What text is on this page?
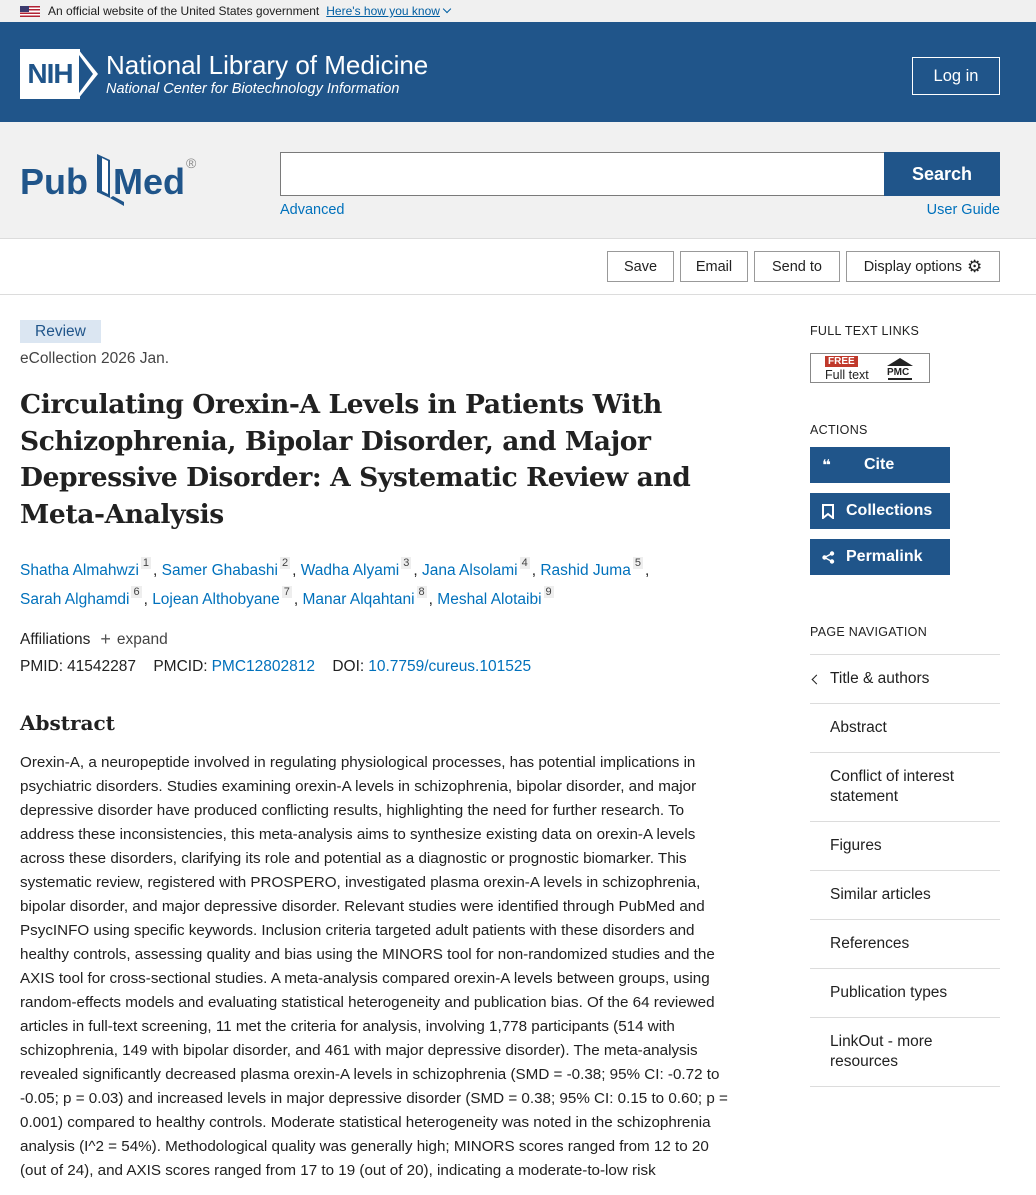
An official website of the United States government Here's how you know
NIH National Library of Medicine
National Center for Biotechnology Information
Log in
Pub Med ®
Search
Advanced	User Guide
Save	Email	Send to	Display options ⚙
Review
eCollection 2026 Jan.
Circulating Orexin-A Levels in Patients With Schizophrenia, Bipolar Disorder, and Major Depressive Disorder: A Systematic Review and Meta-Analysis
Shatha Almahwzi $^1$ , Samer Ghabashi $^2$ , Wadha Alyami $^3$ , Jana Alsolami $^4$ , Rashid Juma $^5$ ,
Sarah Alghamdi $^6$ , Lojean Althobyane $^7$ , Manar Alqahtani $^8$ , Meshal Alotaibi $^9$
Affiliations + expand
PMID: 41542287 PMCID: PMC12802812 DOI: 10.7759/cureus.101525
Abstract

Orexin-A, a neuropeptide involved in regulating physiological processes, has potential implications in psychiatric disorders. Studies examining orexin-A levels in schizophrenia, bipolar disorder, and major depressive disorder have produced conflicting results, highlighting the need for further research. To address these inconsistencies, this meta-analysis aims to synthesize existing data on orexin-A levels across these disorders, clarifying its role and potential as a diagnostic or prognostic biomarker. This systematic review, registered with PROSPERO, investigated plasma orexin-A levels in schizophrenia, bipolar disorder, and major depressive disorder. Relevant studies were identified through PubMed and PsycINFO using specific keywords. Inclusion criteria targeted adult patients with these disorders and healthy controls, assessing quality and bias using the MINORS tool for non-randomized studies and the AXIS tool for cross-sectional studies. A meta-analysis compared orexin-A levels between groups, using random-effects models and evaluating statistical heterogeneity and publication bias. Of the 64 reviewed articles in full-text screening, 11 met the criteria for analysis, involving 1,778 participants (514 with schizophrenia, 149 with bipolar disorder, and 461 with major depressive disorder). The meta-analysis revealed significantly decreased plasma orexin-A levels in schizophrenia (SMD = -0.38; 95% CI: -0.72 to -0.05; p = 0.03) and increased levels in major depressive disorder (SMD = 0.38; 95% CI: 0.15 to 0.60; p = 0.001) compared to healthy controls. Moderate statistical heterogeneity was noted in the schizophrenia analysis (I^2 = 54%). Methodological quality was generally high; MINORS scores ranged from 12 to 20 (out of 24), and AXIS scores ranged from 17 to 19 (out of 20), indicating a moderate-to-low risk

FULL TEXT LINKS
FREE
Full text PMC
ACTIONS
❝	Cite
Collections
Permalink
PAGE NAVIGATION
Title & authors
Abstract
Conflict of interest statement
Figures
Similar articles
References
Publication types
LinkOut - more resources
